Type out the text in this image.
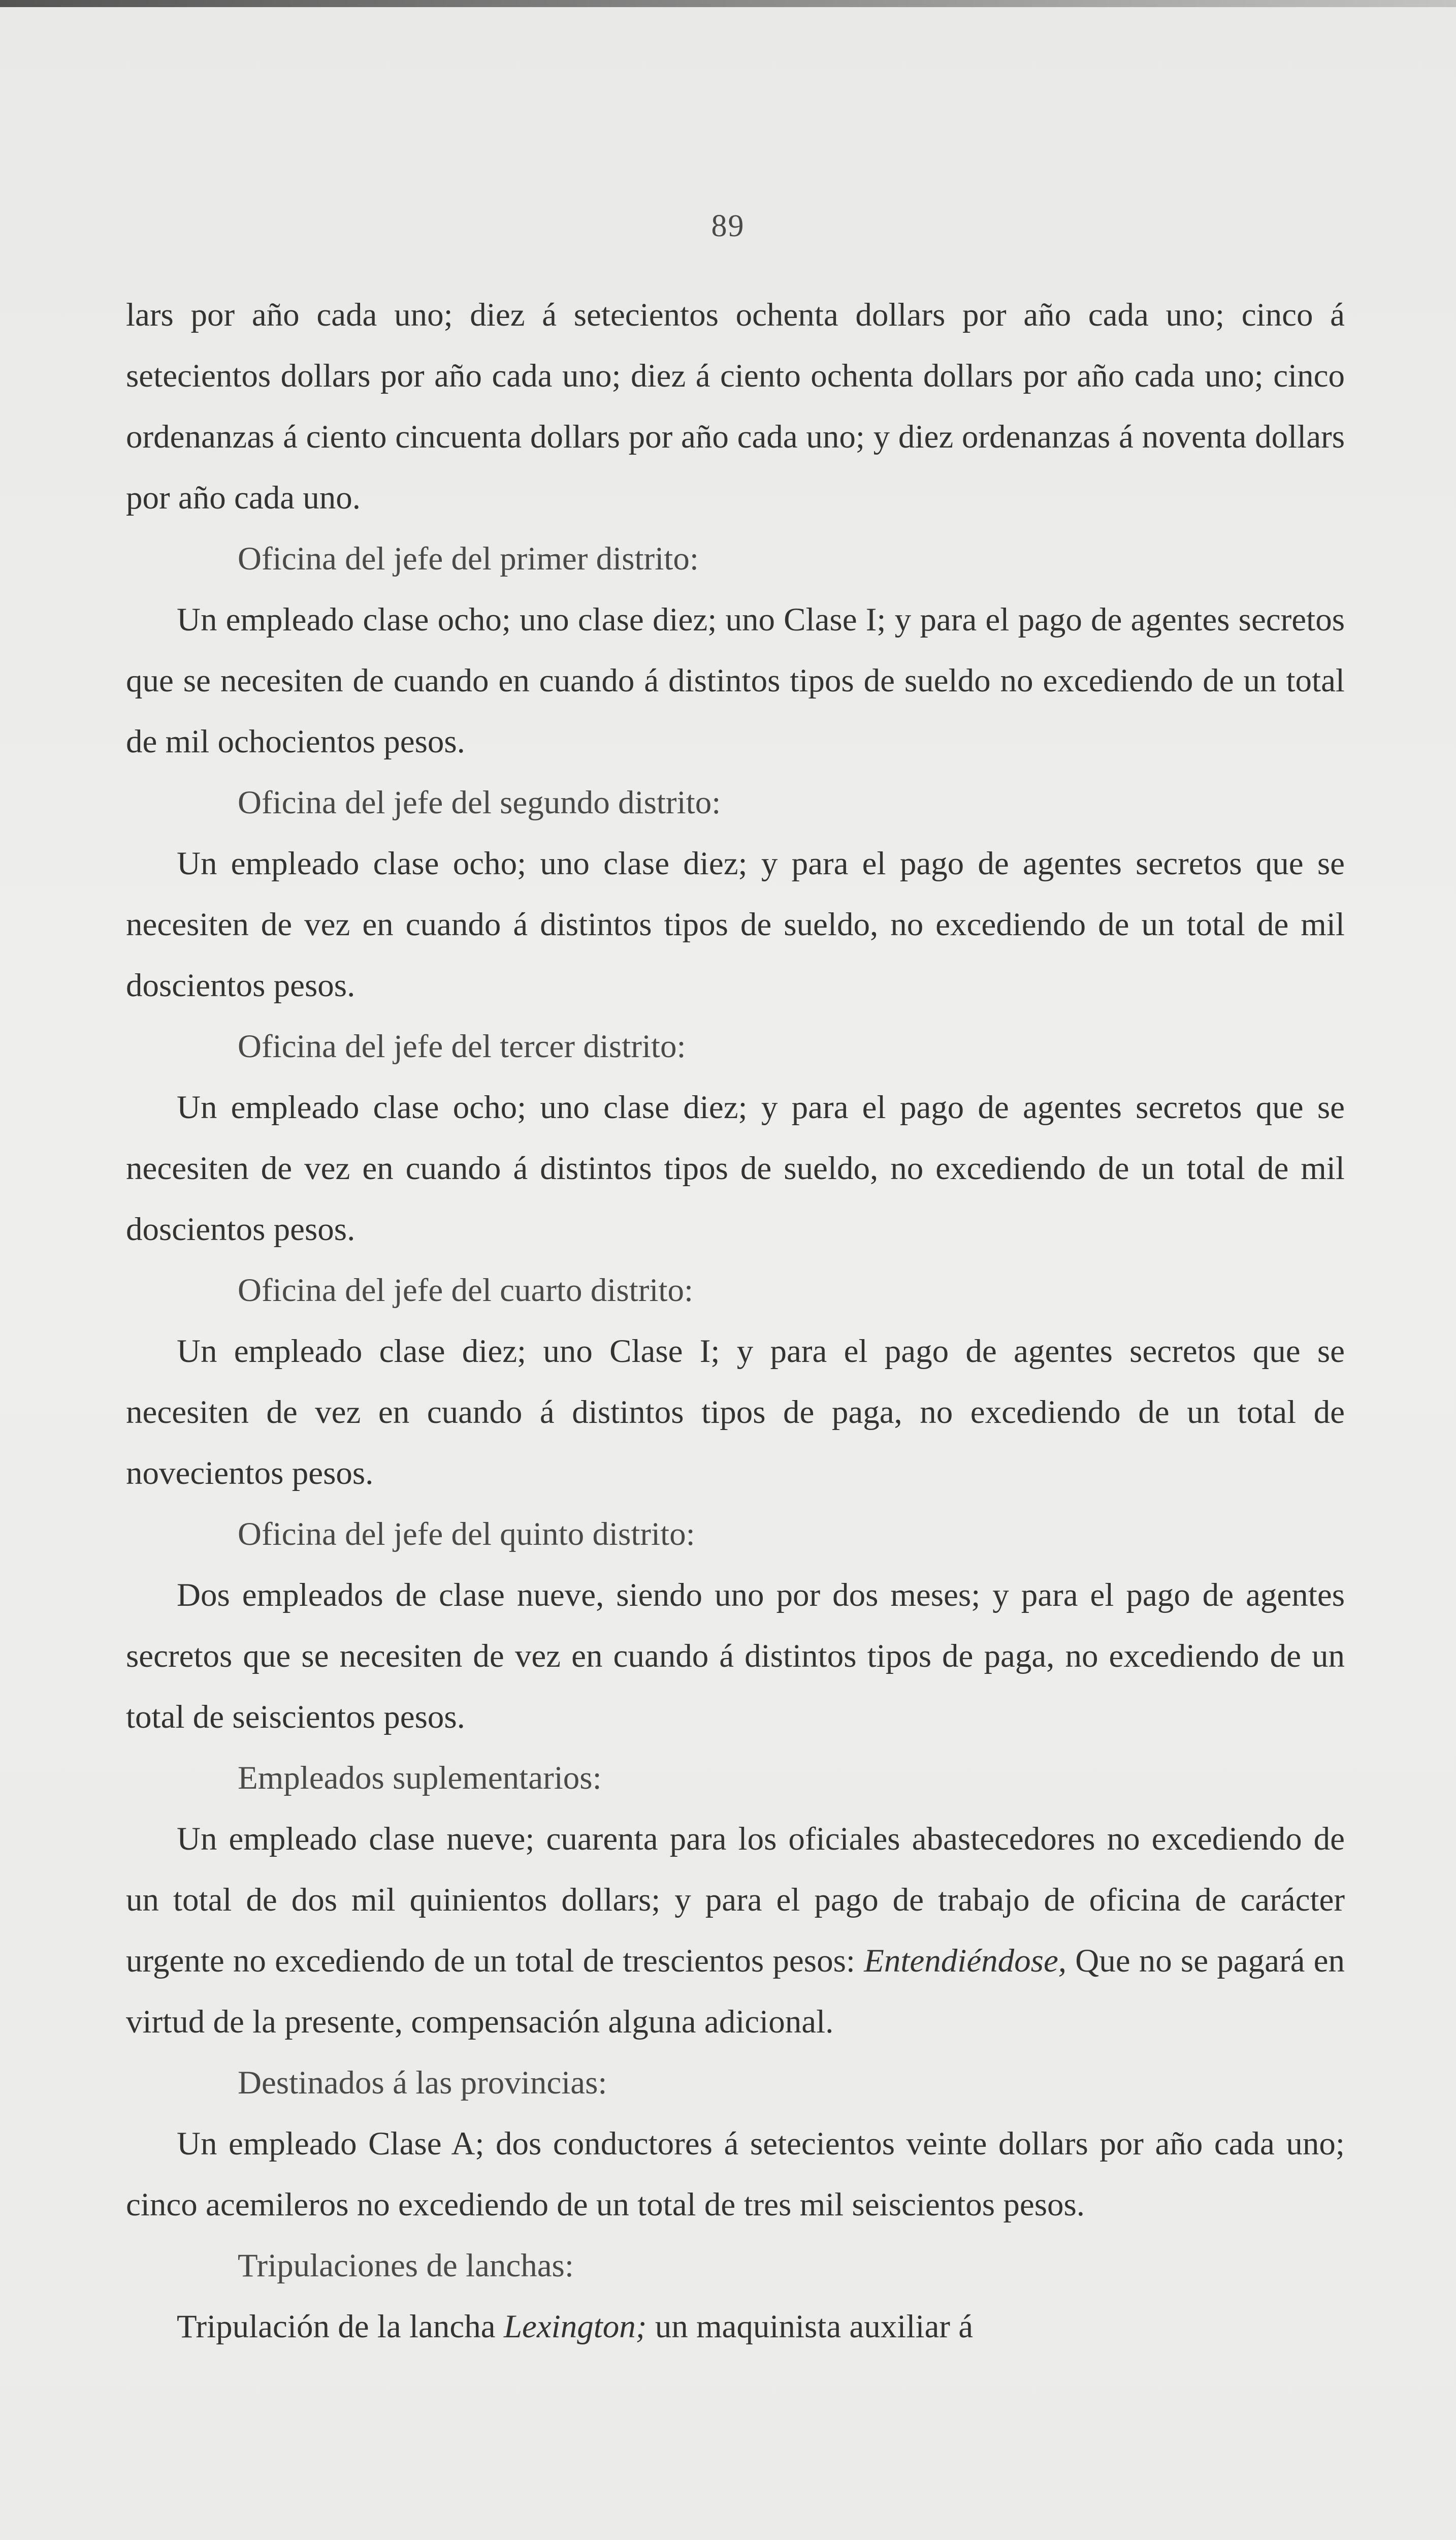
89

lars por año cada uno; diez á setecientos ochenta dollars por año cada uno; cinco á setecientos dollars por año cada uno; diez á ciento ochenta dollars por año cada uno; cinco ordenanzas á ciento cincuenta dollars por año cada uno; y diez ordenanzas á noventa dollars por año cada uno.

Oficina del jefe del primer distrito:

Un empleado clase ocho; uno clase diez; uno Clase I; y para el pago de agentes secretos que se necesiten de cuando en cuando á distintos tipos de sueldo no excediendo de un total de mil ochocientos pesos.

Oficina del jefe del segundo distrito:

Un empleado clase ocho; uno clase diez; y para el pago de agentes secretos que se necesiten de vez en cuando á distintos tipos de sueldo, no excediendo de un total de mil doscientos pesos.

Oficina del jefe del tercer distrito:

Un empleado clase ocho; uno clase diez; y para el pago de agentes secretos que se necesiten de vez en cuando á distintos tipos de sueldo, no excediendo de un total de mil doscientos pesos.

Oficina del jefe del cuarto distrito:

Un empleado clase diez; uno Clase I; y para el pago de agentes secretos que se necesiten de vez en cuando á distintos tipos de paga, no excediendo de un total de novecientos pesos.

Oficina del jefe del quinto distrito:

Dos empleados de clase nueve, siendo uno por dos meses; y para el pago de agentes secretos que se necesiten de vez en cuando á distintos tipos de paga, no excediendo de un total de seiscientos pesos.

Empleados suplementarios:

Un empleado clase nueve; cuarenta para los oficiales abastecedores no excediendo de un total de dos mil quinientos dollars; y para el pago de trabajo de oficina de carácter urgente no excediendo de un total de trescientos pesos: Entendiéndose, Que no se pagará en virtud de la presente, compensación alguna adicional.

Destinados á las provincias:

Un empleado Clase A; dos conductores á setecientos veinte dollars por año cada uno; cinco acemileros no excediendo de un total de tres mil seiscientos pesos.

Tripulaciones de lanchas:

Tripulación de la lancha Lexington; un maquinista auxiliar á
